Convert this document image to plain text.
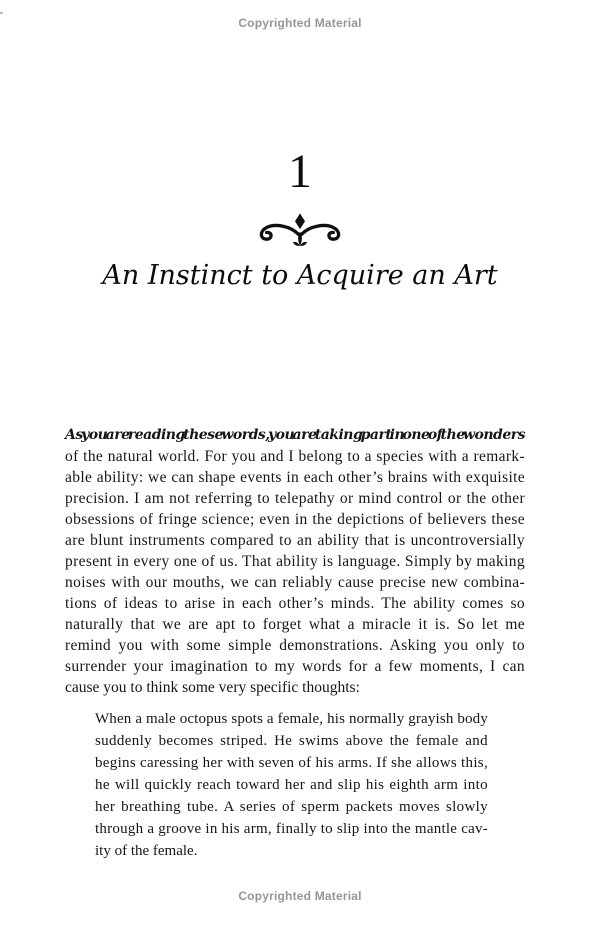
Copyrighted Material
1
An Instinct to Acquire an Art
As you are reading these words, you are taking part in one of the wonders
of the natural world. For you and I belong to a species with a remark-
able ability: we can shape events in each other’s brains with exquisite
precision. I am not referring to telepathy or mind control or the other
obsessions of fringe science; even in the depictions of believers these
are blunt instruments compared to an ability that is uncontroversially
present in every one of us. That ability is language. Simply by making
noises with our mouths, we can reliably cause precise new combina-
tions of ideas to arise in each other’s minds. The ability comes so
naturally that we are apt to forget what a miracle it is. So let me
remind you with some simple demonstrations. Asking you only to
surrender your imagination to my words for a few moments, I can
cause you to think some very specific thoughts:
When a male octopus spots a female, his normally grayish body
suddenly becomes striped. He swims above the female and
begins caressing her with seven of his arms. If she allows this,
he will quickly reach toward her and slip his eighth arm into
her breathing tube. A series of sperm packets moves slowly
through a groove in his arm, finally to slip into the mantle cav-
ity of the female.
Copyrighted Material
